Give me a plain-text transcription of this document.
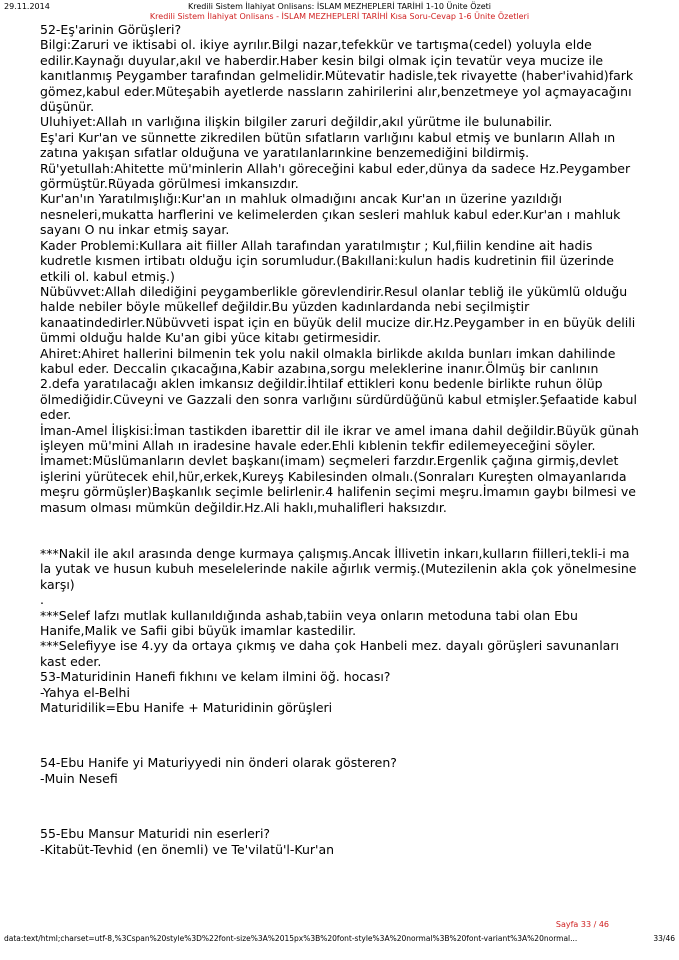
29.11.2014	Kredili Sistem İlahiyat Onlisans: İSLAM MEZHEPLERİ TARİHİ 1-10 Ünite Özeti
Kredili Sistem İlahiyat Onlisans - İSLAM MEZHEPLERİ TARİHİ Kısa Soru-Cevap 1-6 Ünite Özetleri

52-Eş'arinin Görüşleri?

Bilgi:Zaruri ve iktisabi ol. ikiye ayrılır.Bilgi nazar,tefekkür ve tartışma(cedel) yoluyla elde edilir.Kaynağı duyular,akıl ve haberdir.Haber kesin bilgi olmak için tevatür veya mucize ile kanıtlanmış Peygamber tarafından gelmelidir.Mütevatir hadisle,tek rivayette (haber'ivahid)fark gömez,kabul eder.Müteşabih ayetlerde nassların zahirilerini alır,benzetmeye yol açmayacağını düşünür.

Uluhiyet:Allah ın varlığına ilişkin bilgiler zaruri değildir,akıl yürütme ile bulunabilir.

Eş'ari Kur'an ve sünnette zikredilen bütün sıfatların varlığını kabul etmiş ve bunların Allah ın zatına yakışan sıfatlar olduğuna ve yaratılanlarınkine benzemediğini bildirmiş.

Rü'yetullah:Ahitette mü'minlerin Allah'ı göreceğini kabul eder,dünya da sadece Hz.Peygamber görmüştür.Rüyada görülmesi imkansızdır.

Kur'an'ın Yaratılmışlığı:Kur'an ın mahluk olmadığını ancak Kur'an ın üzerine yazıldığı nesneleri,mukatta harflerini ve kelimelerden çıkan sesleri mahluk kabul eder.Kur'an ı mahluk sayanı O nu inkar etmiş sayar.

Kader Problemi:Kullara ait fiiller Allah tarafından yaratılmıştır ; Kul,fiilin kendine ait hadis kudretle kısmen irtibatı olduğu için sorumludur.(Bakıllani:kulun hadis kudretinin fiil üzerinde etkili ol. kabul etmiş.)

Nübüvvet:Allah dilediğini peygamberlikle görevlendirir.Resul olanlar tebliğ ile yükümlü olduğu halde nebiler böyle mükellef değildir.Bu yüzden kadınlardanda nebi seçilmiştir kanaatindedirler.Nübüvveti ispat için en büyük delil mucize dir.Hz.Peygamber in en büyük delili ümmi olduğu halde Ku'an gibi yüce kitabı getirmesidir.

Ahiret:Ahiret hallerini bilmenin tek yolu nakil olmakla birlikde akılda bunları imkan dahilinde kabul eder. Deccalin çıkacağına,Kabir azabına,sorgu meleklerine inanır.Ölmüş bir canlının 2.defa yaratılacağı aklen imkansız değildir.İhtilaf ettikleri konu bedenle birlikte ruhun ölüp ölmediğidir.Cüveyni ve Gazzali den sonra varlığını sürdürdüğünü kabul etmişler.Şefaatide kabul eder.

İman-Amel İlişkisi:İman tastikden ibarettir dil ile ikrar ve amel imana dahil değildir.Büyük günah işleyen mü'mini Allah ın iradesine havale eder.Ehli kıblenin tekfir edilemeyeceğini söyler.

İmamet:Müslümanların devlet başkanı(imam) seçmeleri farzdır.Ergenlik çağına girmiş,devlet işlerini yürütecek ehil,hür,erkek,Kureyş Kabilesinden olmalı.(Sonraları Kureşten olmayanlarıda meşru görmüşler)Başkanlık seçimle belirlenir.4 halifenin seçimi meşru.İmamın gaybı bilmesi ve masum olması mümkün değildir.Hz.Ali haklı,muhalifleri haksızdır.

***Nakil ile akıl arasında denge kurmaya çalışmış.Ancak İllivetin inkarı,kulların fiilleri,tekli-i ma la yutak ve husun kubuh meselelerinde nakile ağırlık vermiş.(Mutezilenin akla çok yönelmesine karşı)

.

***Selef lafzı mutlak kullanıldığında ashab,tabiin veya onların metoduna tabi olan Ebu Hanife,Malik ve Safii gibi büyük imamlar kastedilir.

***Selefiyye ise 4.yy da ortaya çıkmış ve daha çok Hanbeli mez. dayalı görüşleri savunanları kast eder.

53-Maturidinin Hanefi fıkhını ve kelam ilmini öğ. hocası?

-Yahya el-Belhi

Maturidilik=Ebu Hanife + Maturidinin görüşleri

54-Ebu Hanife yi Maturiyyedi nin önderi olarak gösteren?

-Muin Nesefi

55-Ebu Mansur Maturidi nin eserleri?

-Kitabüt-Tevhid (en önemli) ve Te'vilatü'l-Kur'an

Sayfa 33 / 46
data:text/html;charset=utf-8,%3Cspan%20style%3D%22font-size%3A%2015px%3B%20font-style%3A%20normal%3B%20font-variant%3A%20normal...	33/46
